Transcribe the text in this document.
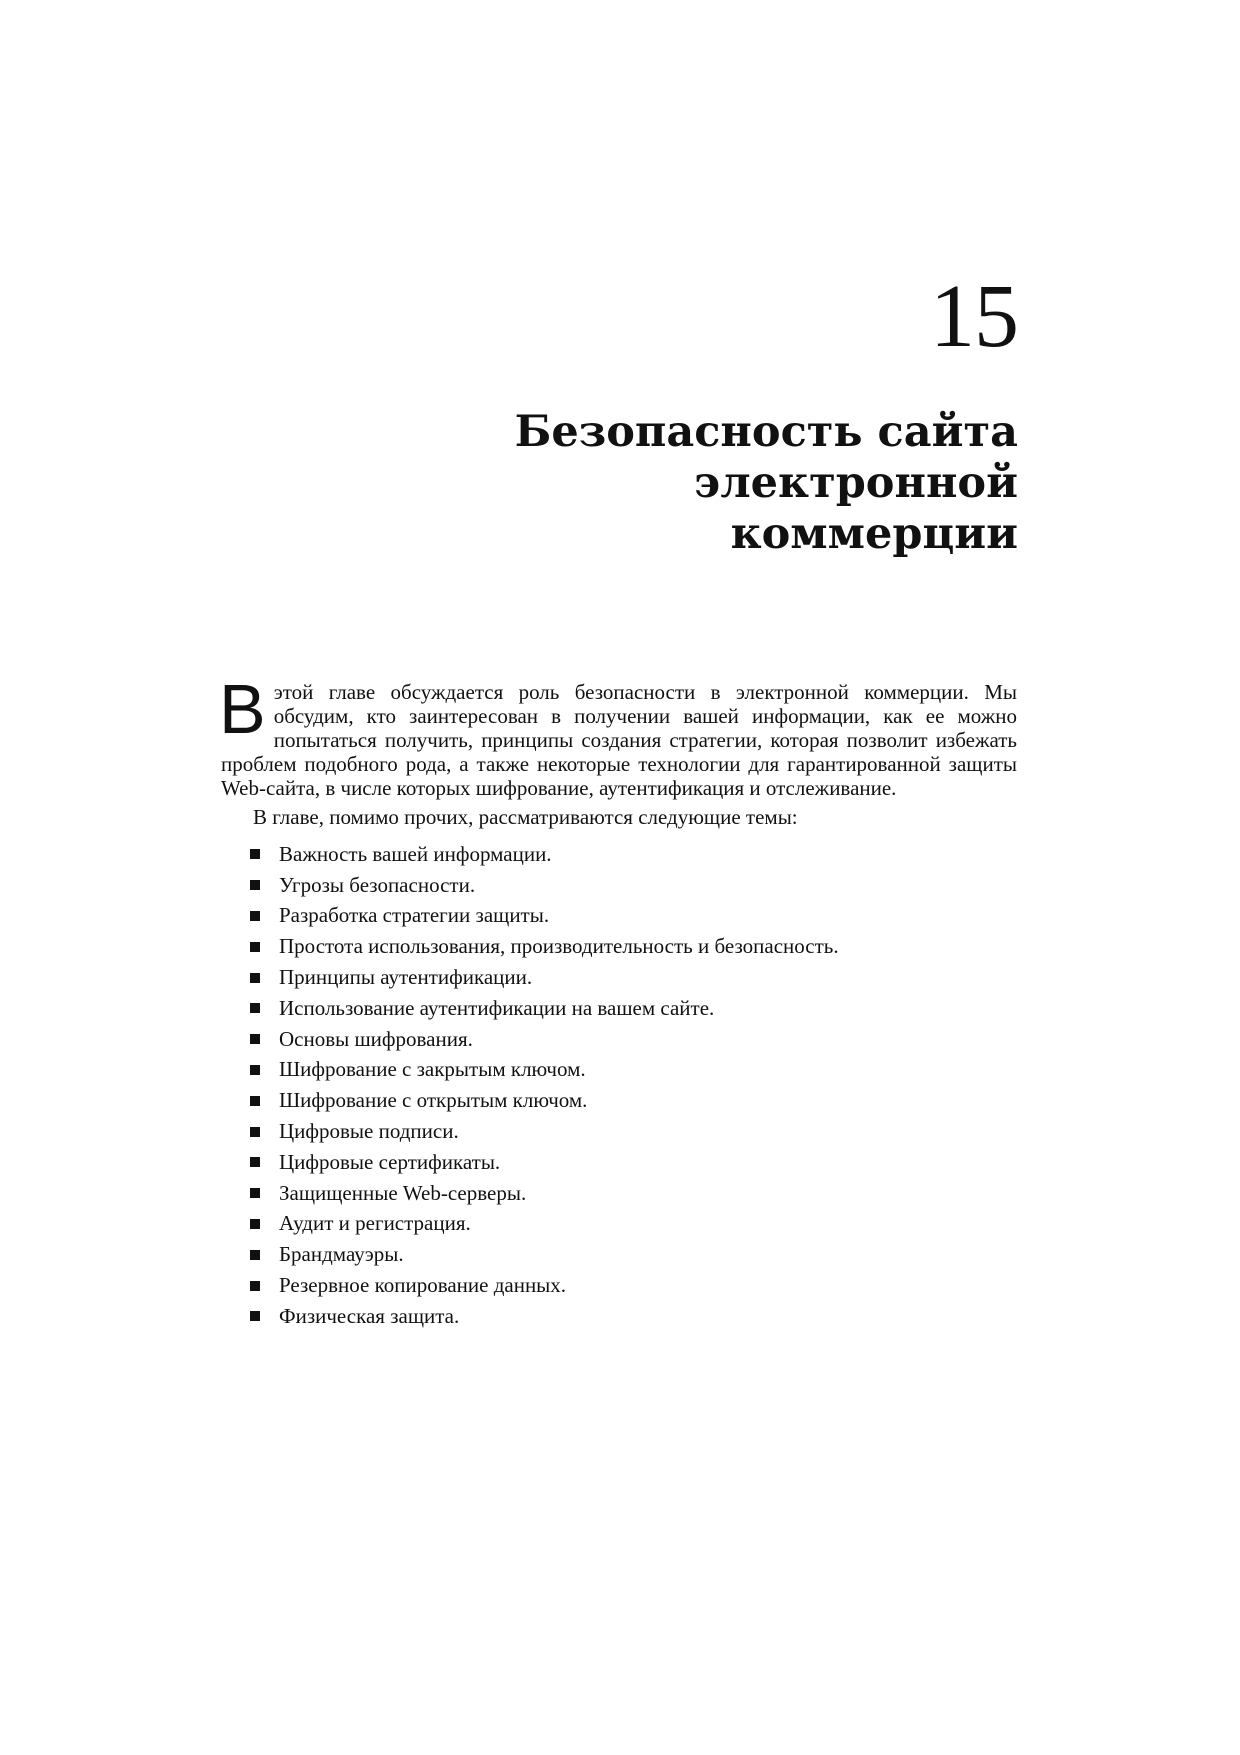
15
Безопасность сайта
электронной
коммерции
В этой главе обсуждается роль безопасности в электронной коммерции. Мы обсудим, кто заинтересован в получении вашей информации, как ее можно попытаться получить, принципы создания стратегии, которая позволит избежать проблем подобного рода, а также некоторые технологии для гарантированной защиты Web-сайта, в числе которых шифрование, аутентификация и отслеживание.
В главе, помимо прочих, рассматриваются следующие темы:
Важность вашей информации.
Угрозы безопасности.
Разработка стратегии защиты.
Простота использования, производительность и безопасность.
Принципы аутентификации.
Использование аутентификации на вашем сайте.
Основы шифрования.
Шифрование с закрытым ключом.
Шифрование с открытым ключом.
Цифровые подписи.
Цифровые сертификаты.
Защищенные Web-серверы.
Аудит и регистрация.
Брандмауэры.
Резервное копирование данных.
Физическая защита.
